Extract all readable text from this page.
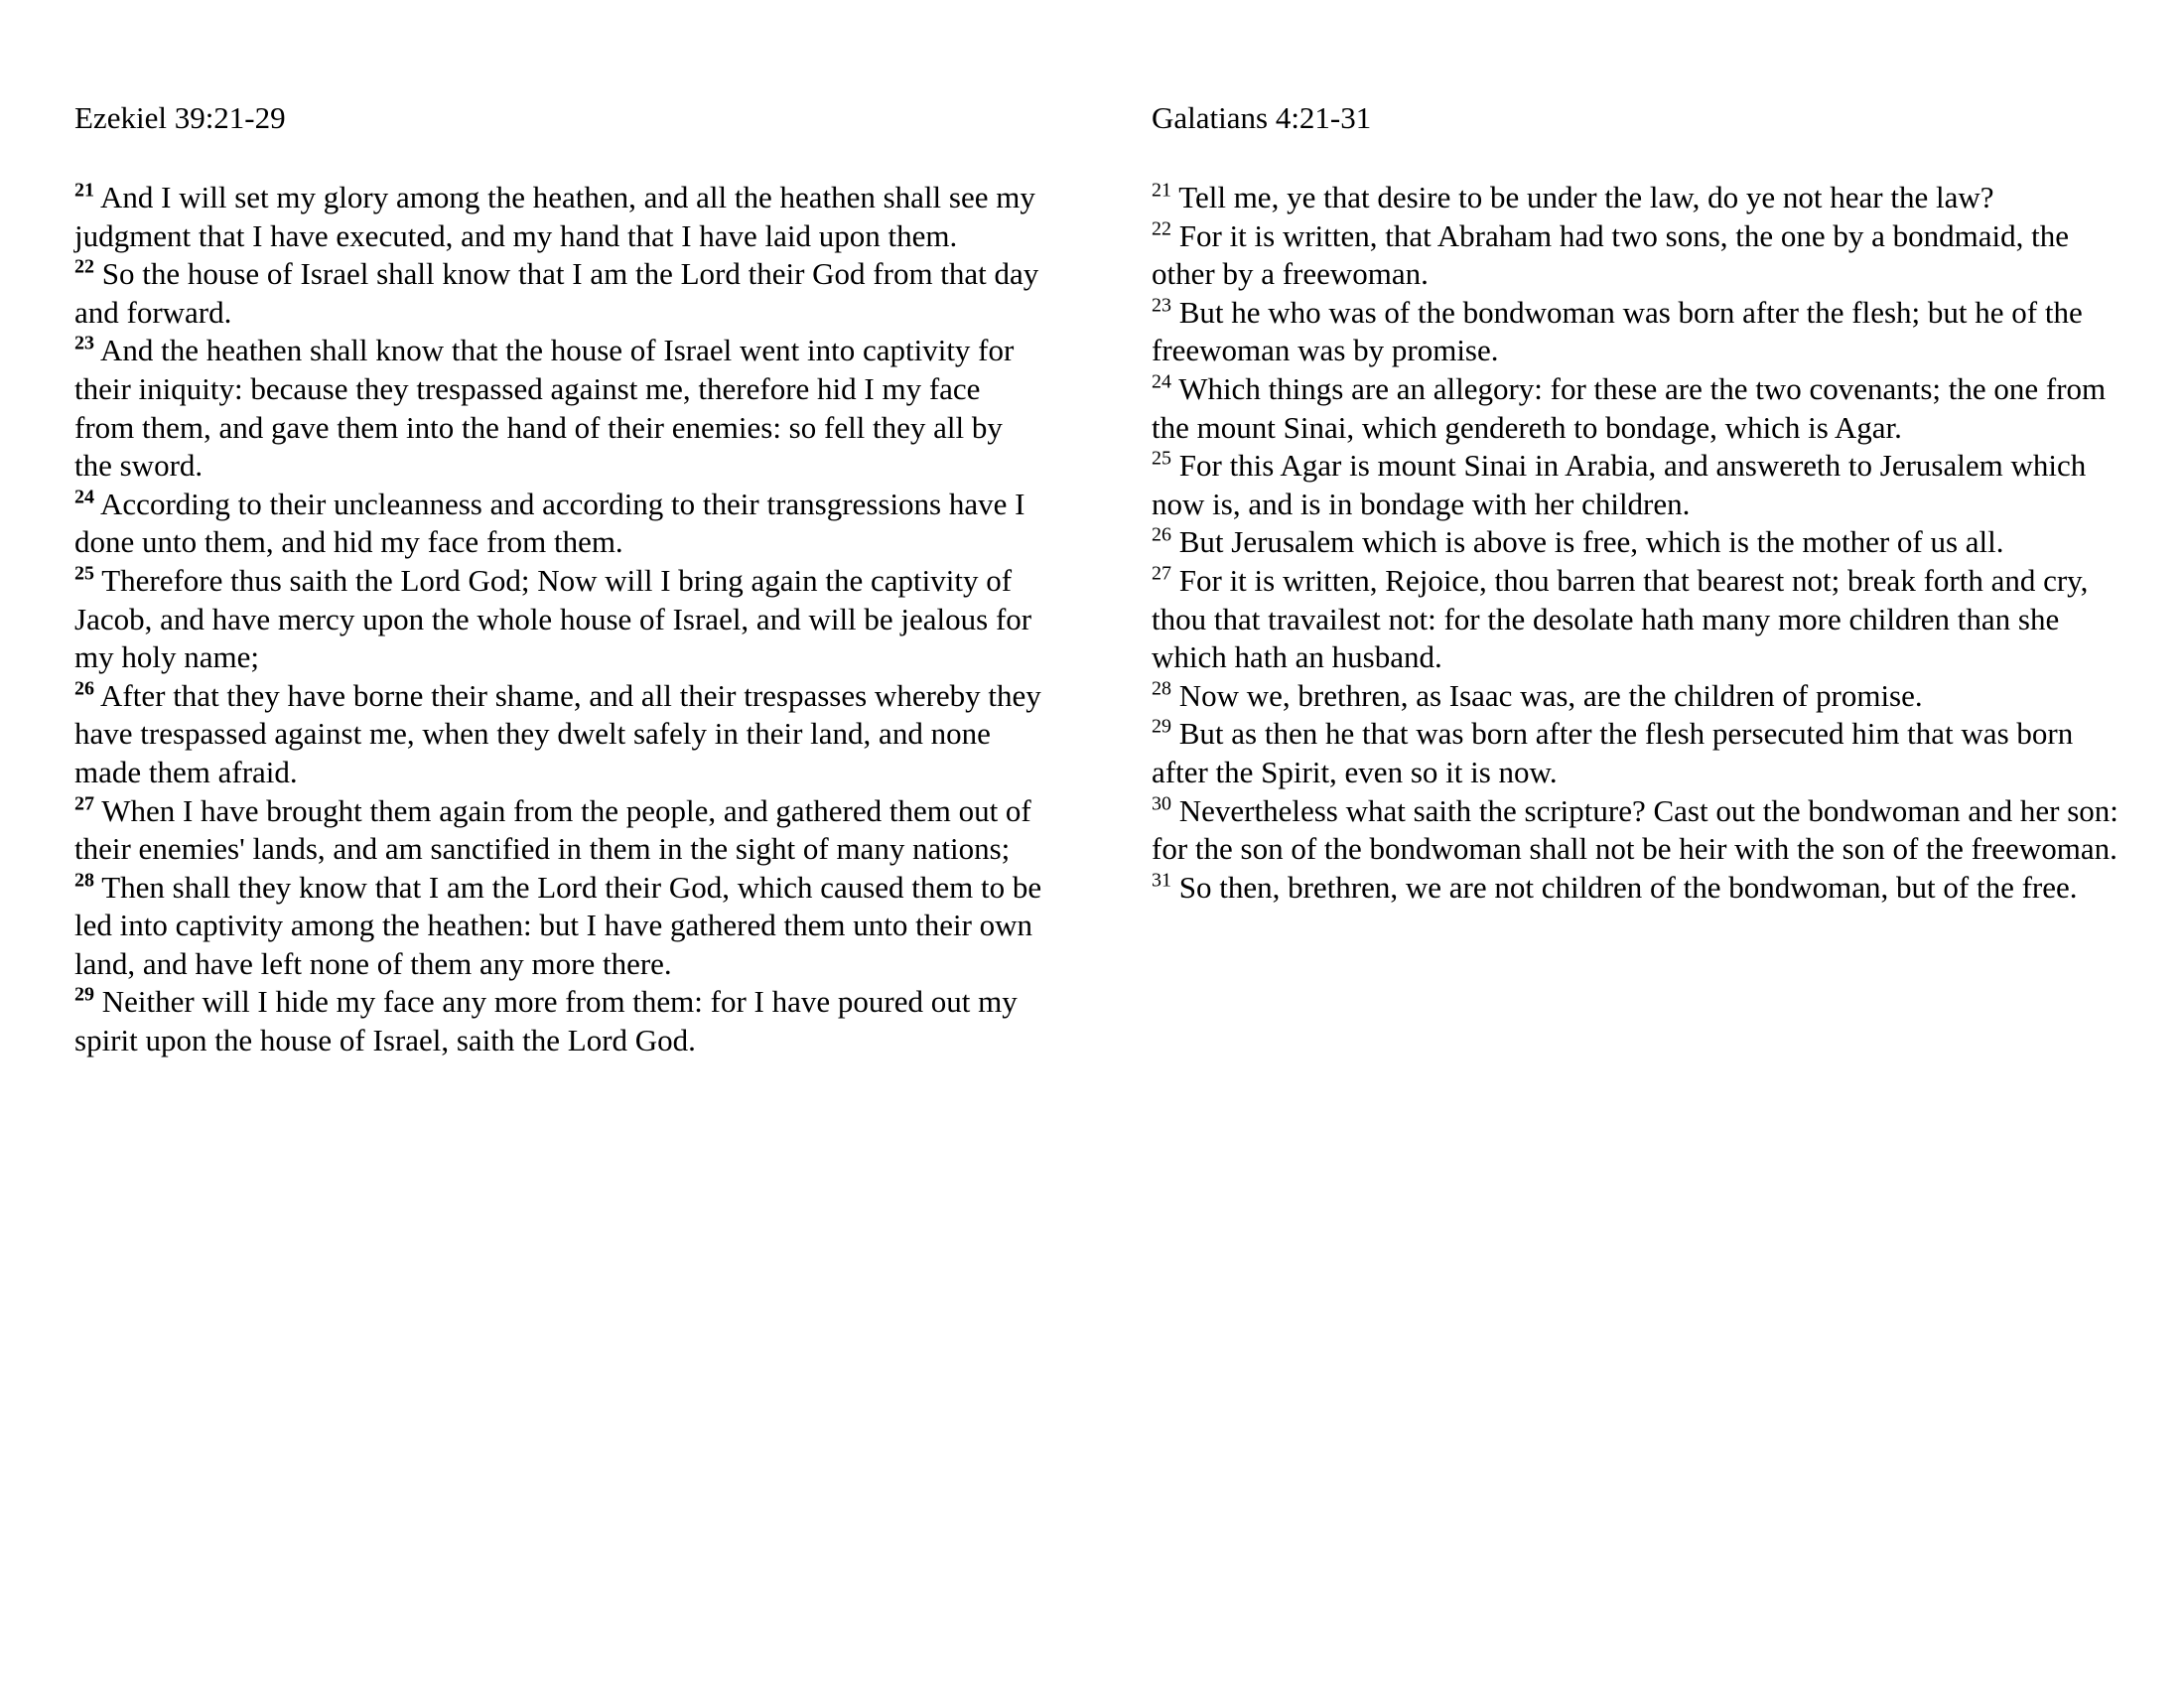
Ezekiel 39:21-29

$^{21}$ And I will set my glory among the heathen, and all the heathen shall see my judgment that I have executed, and my hand that I have laid upon them.

$^{22}$ So the house of Israel shall know that I am the Lord their God from that day and forward.

$^{23}$ And the heathen shall know that the house of Israel went into captivity for their iniquity: because they trespassed against me, therefore hid I my face from them, and gave them into the hand of their enemies: so fell they all by the sword.

$^{24}$ According to their uncleanness and according to their transgressions have I done unto them, and hid my face from them.

$^{25}$ Therefore thus saith the Lord God; Now will I bring again the captivity of Jacob, and have mercy upon the whole house of Israel, and will be jealous for my holy name;

$^{26}$ After that they have borne their shame, and all their trespasses whereby they have trespassed against me, when they dwelt safely in their land, and none made them afraid.

$^{27}$ When I have brought them again from the people, and gathered them out of their enemies' lands, and am sanctified in them in the sight of many nations;

$^{28}$ Then shall they know that I am the Lord their God, which caused them to be led into captivity among the heathen: but I have gathered them unto their own land, and have left none of them any more there.

$^{29}$ Neither will I hide my face any more from them: for I have poured out my spirit upon the house of Israel, saith the Lord God.

Galatians 4:21-31

$^{21}$ Tell me, ye that desire to be under the law, do ye not hear the law?

$^{22}$ For it is written, that Abraham had two sons, the one by a bondmaid, the other by a freewoman.

$^{23}$ But he who was of the bondwoman was born after the flesh; but he of the freewoman was by promise.

$^{24}$ Which things are an allegory: for these are the two covenants; the one from the mount Sinai, which gendereth to bondage, which is Agar.

$^{25}$ For this Agar is mount Sinai in Arabia, and answereth to Jerusalem which now is, and is in bondage with her children.

$^{26}$ But Jerusalem which is above is free, which is the mother of us all.

$^{27}$ For it is written, Rejoice, thou barren that bearest not; break forth and cry, thou that travailest not: for the desolate hath many more children than she which hath an husband.

$^{28}$ Now we, brethren, as Isaac was, are the children of promise.

$^{29}$ But as then he that was born after the flesh persecuted him that was born after the Spirit, even so it is now.

$^{30}$ Nevertheless what saith the scripture? Cast out the bondwoman and her son: for the son of the bondwoman shall not be heir with the son of the freewoman.

$^{31}$ So then, brethren, we are not children of the bondwoman, but of the free.
